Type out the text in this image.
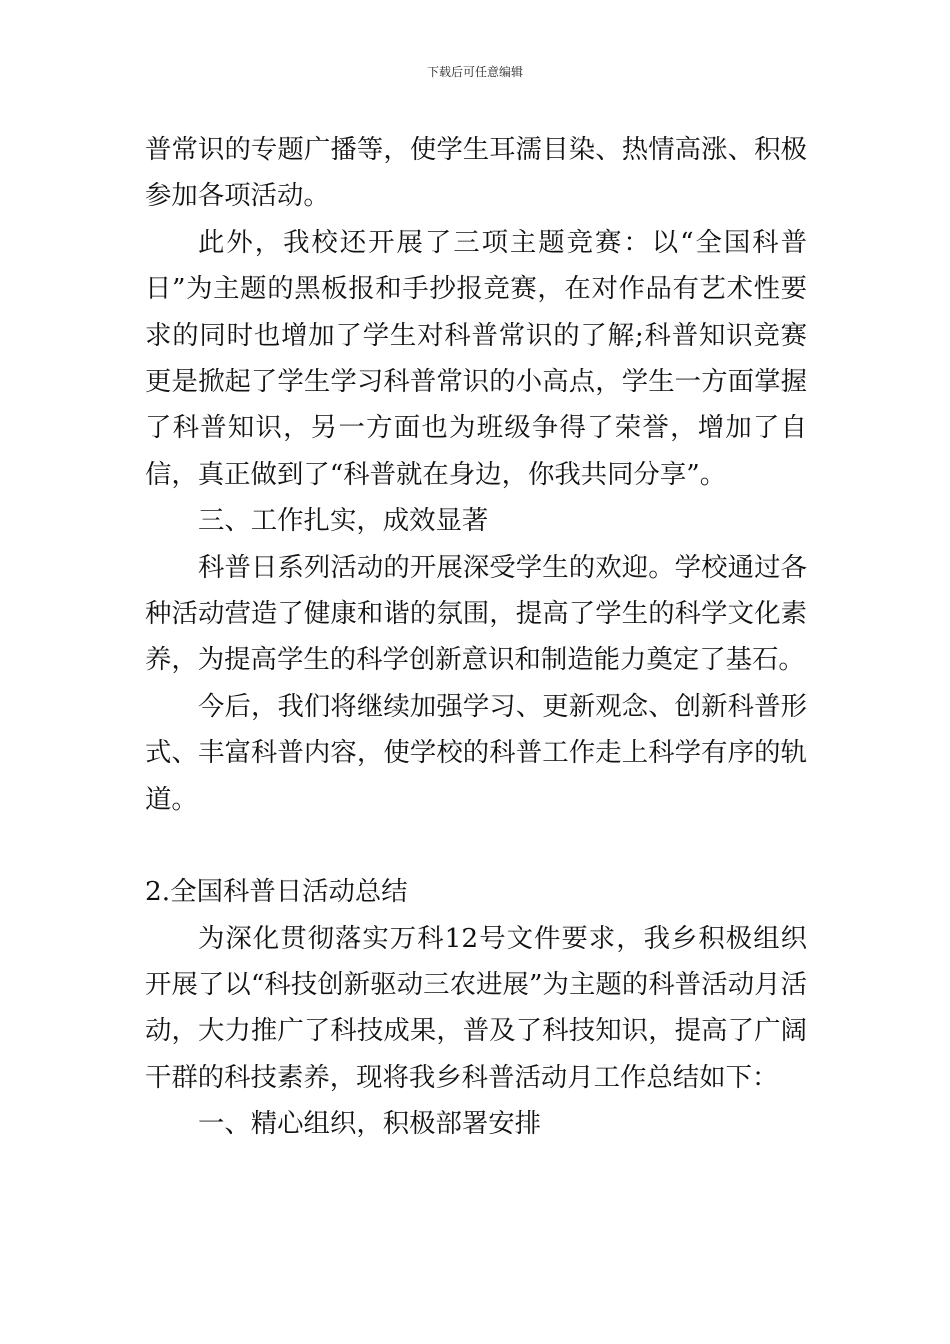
下载后可任意编辑

普常识的专题广播等，使学生耳濡目染、热情高涨、积极参加各项活动。

此外，我校还开展了三项主题竞赛：以“全国科普日”为主题的黑板报和手抄报竞赛，在对作品有艺术性要求的同时也增加了学生对科普常识的了解;科普知识竞赛更是掀起了学生学习科普常识的小高点，学生一方面掌握了科普知识，另一方面也为班级争得了荣誉，增加了自信，真正做到了“科普就在身边，你我共同分享”。

三、工作扎实，成效显著

科普日系列活动的开展深受学生的欢迎。学校通过各种活动营造了健康和谐的氛围，提高了学生的科学文化素养，为提高学生的科学创新意识和制造能力奠定了基石。

今后，我们将继续加强学习、更新观念、创新科普形式、丰富科普内容，使学校的科普工作走上科学有序的轨道。

2.全国科普日活动总结

为深化贯彻落实万科12号文件要求，我乡积极组织开展了以“科技创新驱动三农进展”为主题的科普活动月活动，大力推广了科技成果，普及了科技知识，提高了广阔干群的科技素养，现将我乡科普活动月工作总结如下：

一、精心组织，积极部署安排
